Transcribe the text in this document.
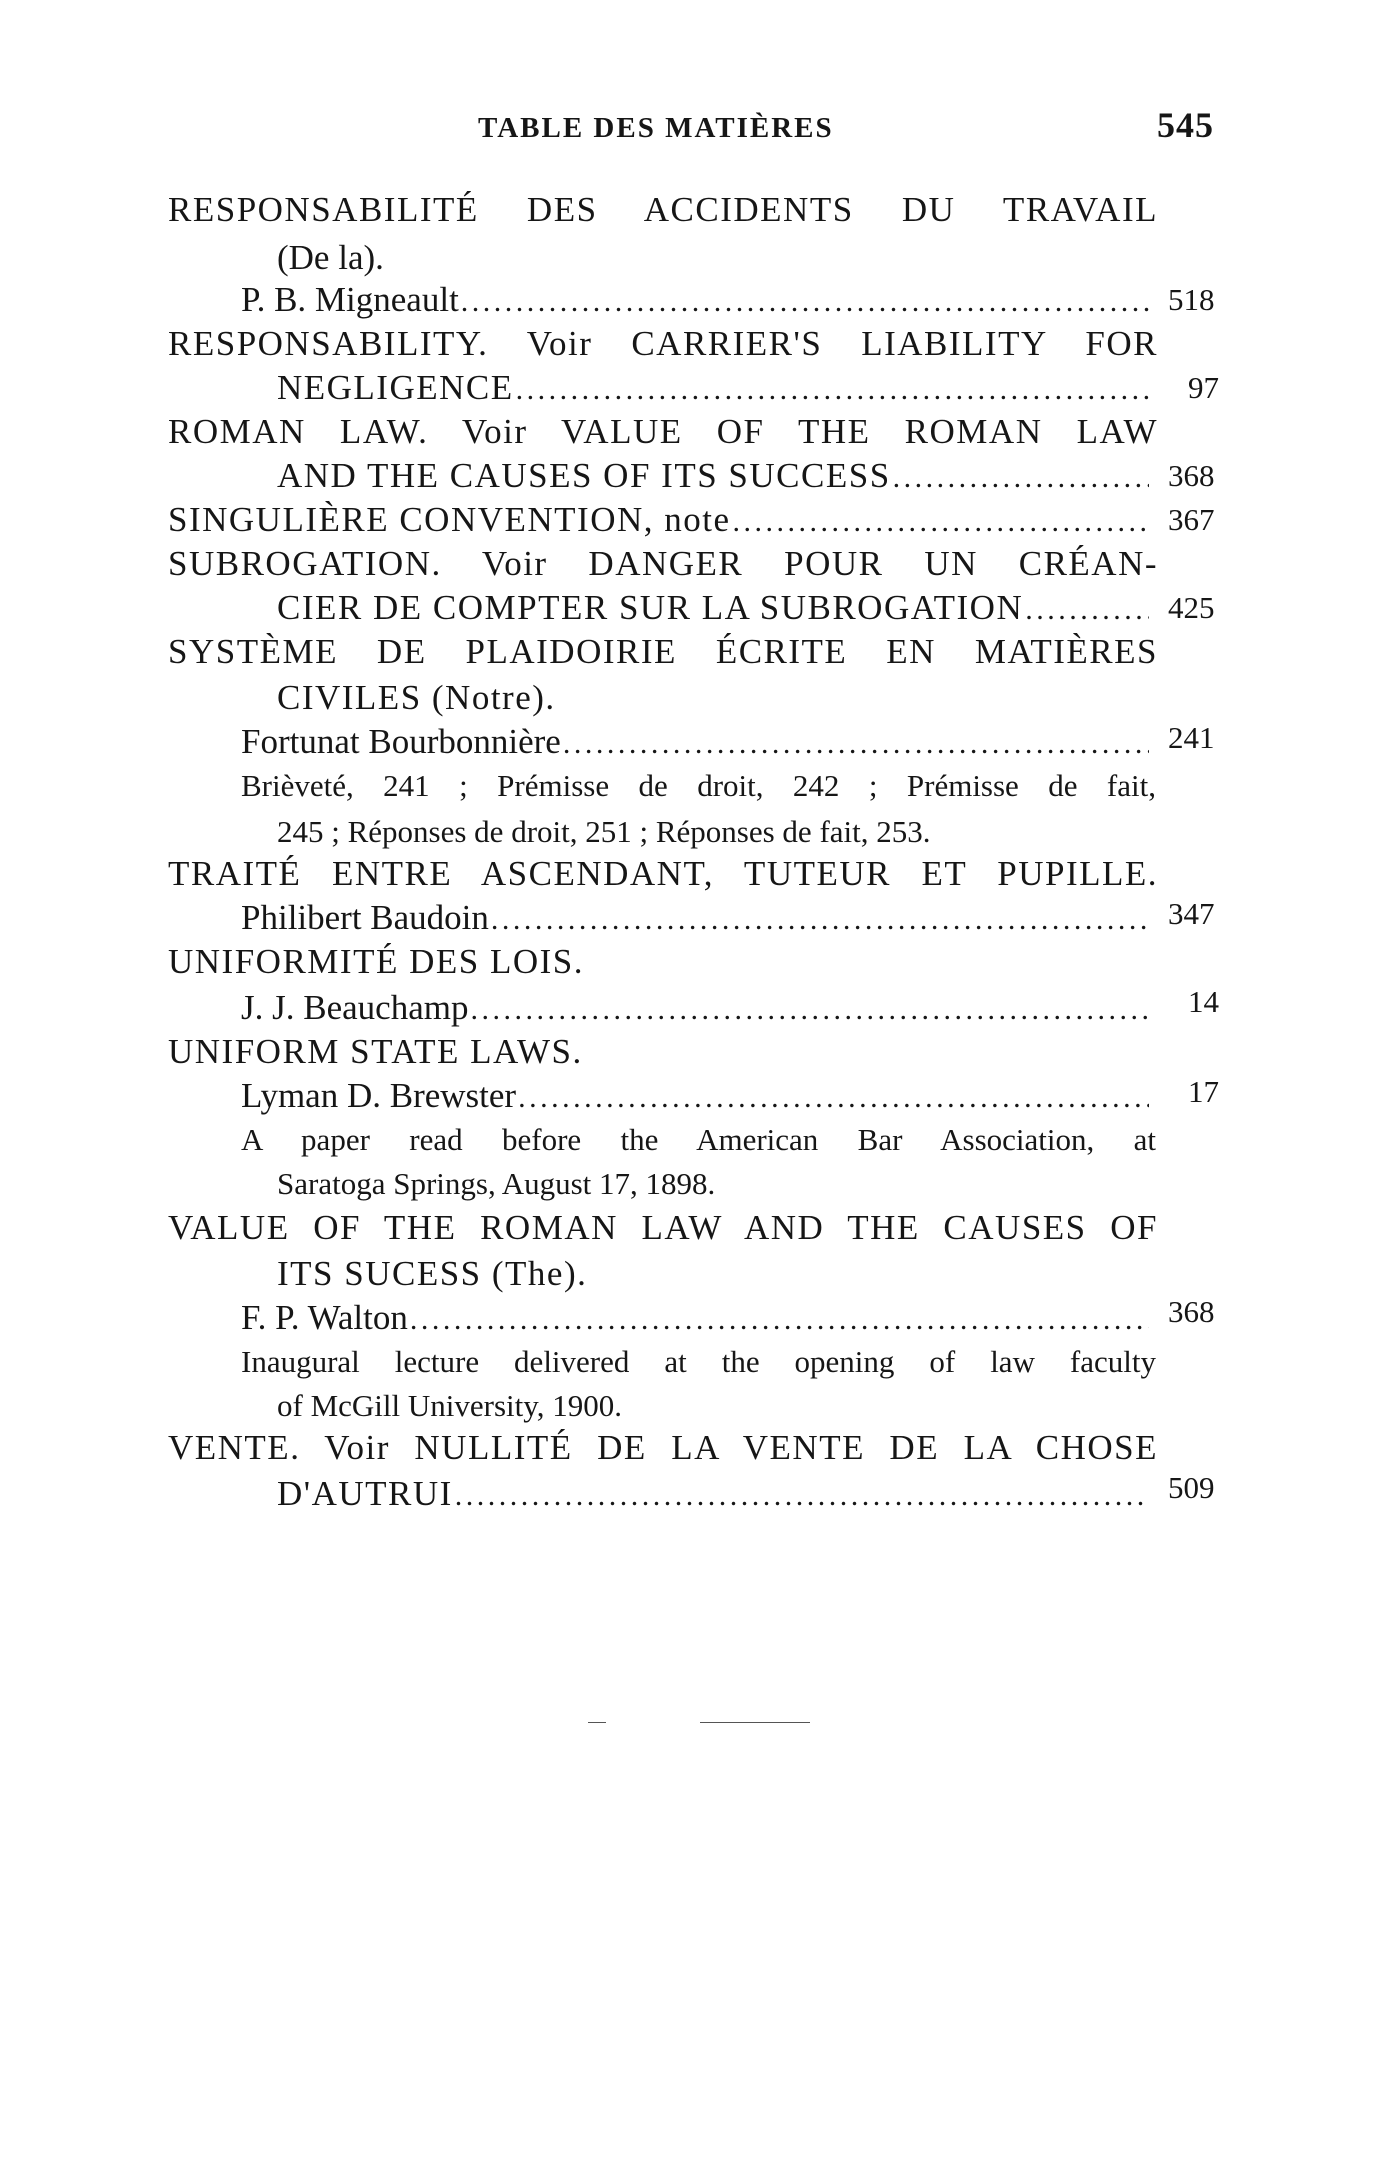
TABLE DES MATIÈRES	545
RESPONSABILITÉ DES ACCIDENTS DU TRAVAIL
(De la).
P. B. Migneault . . .	518
RESPONSABILITY. Voir CARRIER'S LIABILITY FOR
NEGLIGENCE . . .	97
ROMAN LAW. Voir VALUE OF THE ROMAN LAW
AND THE CAUSES OF ITS SUCCESS . . .	368
SINGULIÈRE CONVENTION, note . . .	367
SUBROGATION. Voir DANGER POUR UN CRÉAN-
CIER DE COMPTER SUR LA SUBROGATION . . .	425
SYSTÈME DE PLAIDOIRIE ÉCRITE EN MATIÈRES
CIVILES (Notre).
Fortunat Bourbonnière . . .	241
Brièveté, 241 ; Prémisse de droit, 242 ; Prémisse de fait,
245 ; Réponses de droit, 251 ; Réponses de fait, 253.
TRAITÉ ENTRE ASCENDANT, TUTEUR ET PUPILLE.
Philibert Baudoin . . .	347
UNIFORMITÉ DES LOIS.
J. J. Beauchamp . . .	14
UNIFORM STATE LAWS.
Lyman D. Brewster . . .	17
A paper read before the American Bar Association, at
Saratoga Springs, August 17, 1898.
VALUE OF THE ROMAN LAW AND THE CAUSES OF
ITS SUCESS (The).
F. P. Walton . . .	368
Inaugural lecture delivered at the opening of law faculty
of McGill University, 1900.
VENTE. Voir NULLITÉ DE LA VENTE DE LA CHOSE
D'AUTRUI . . .	509
